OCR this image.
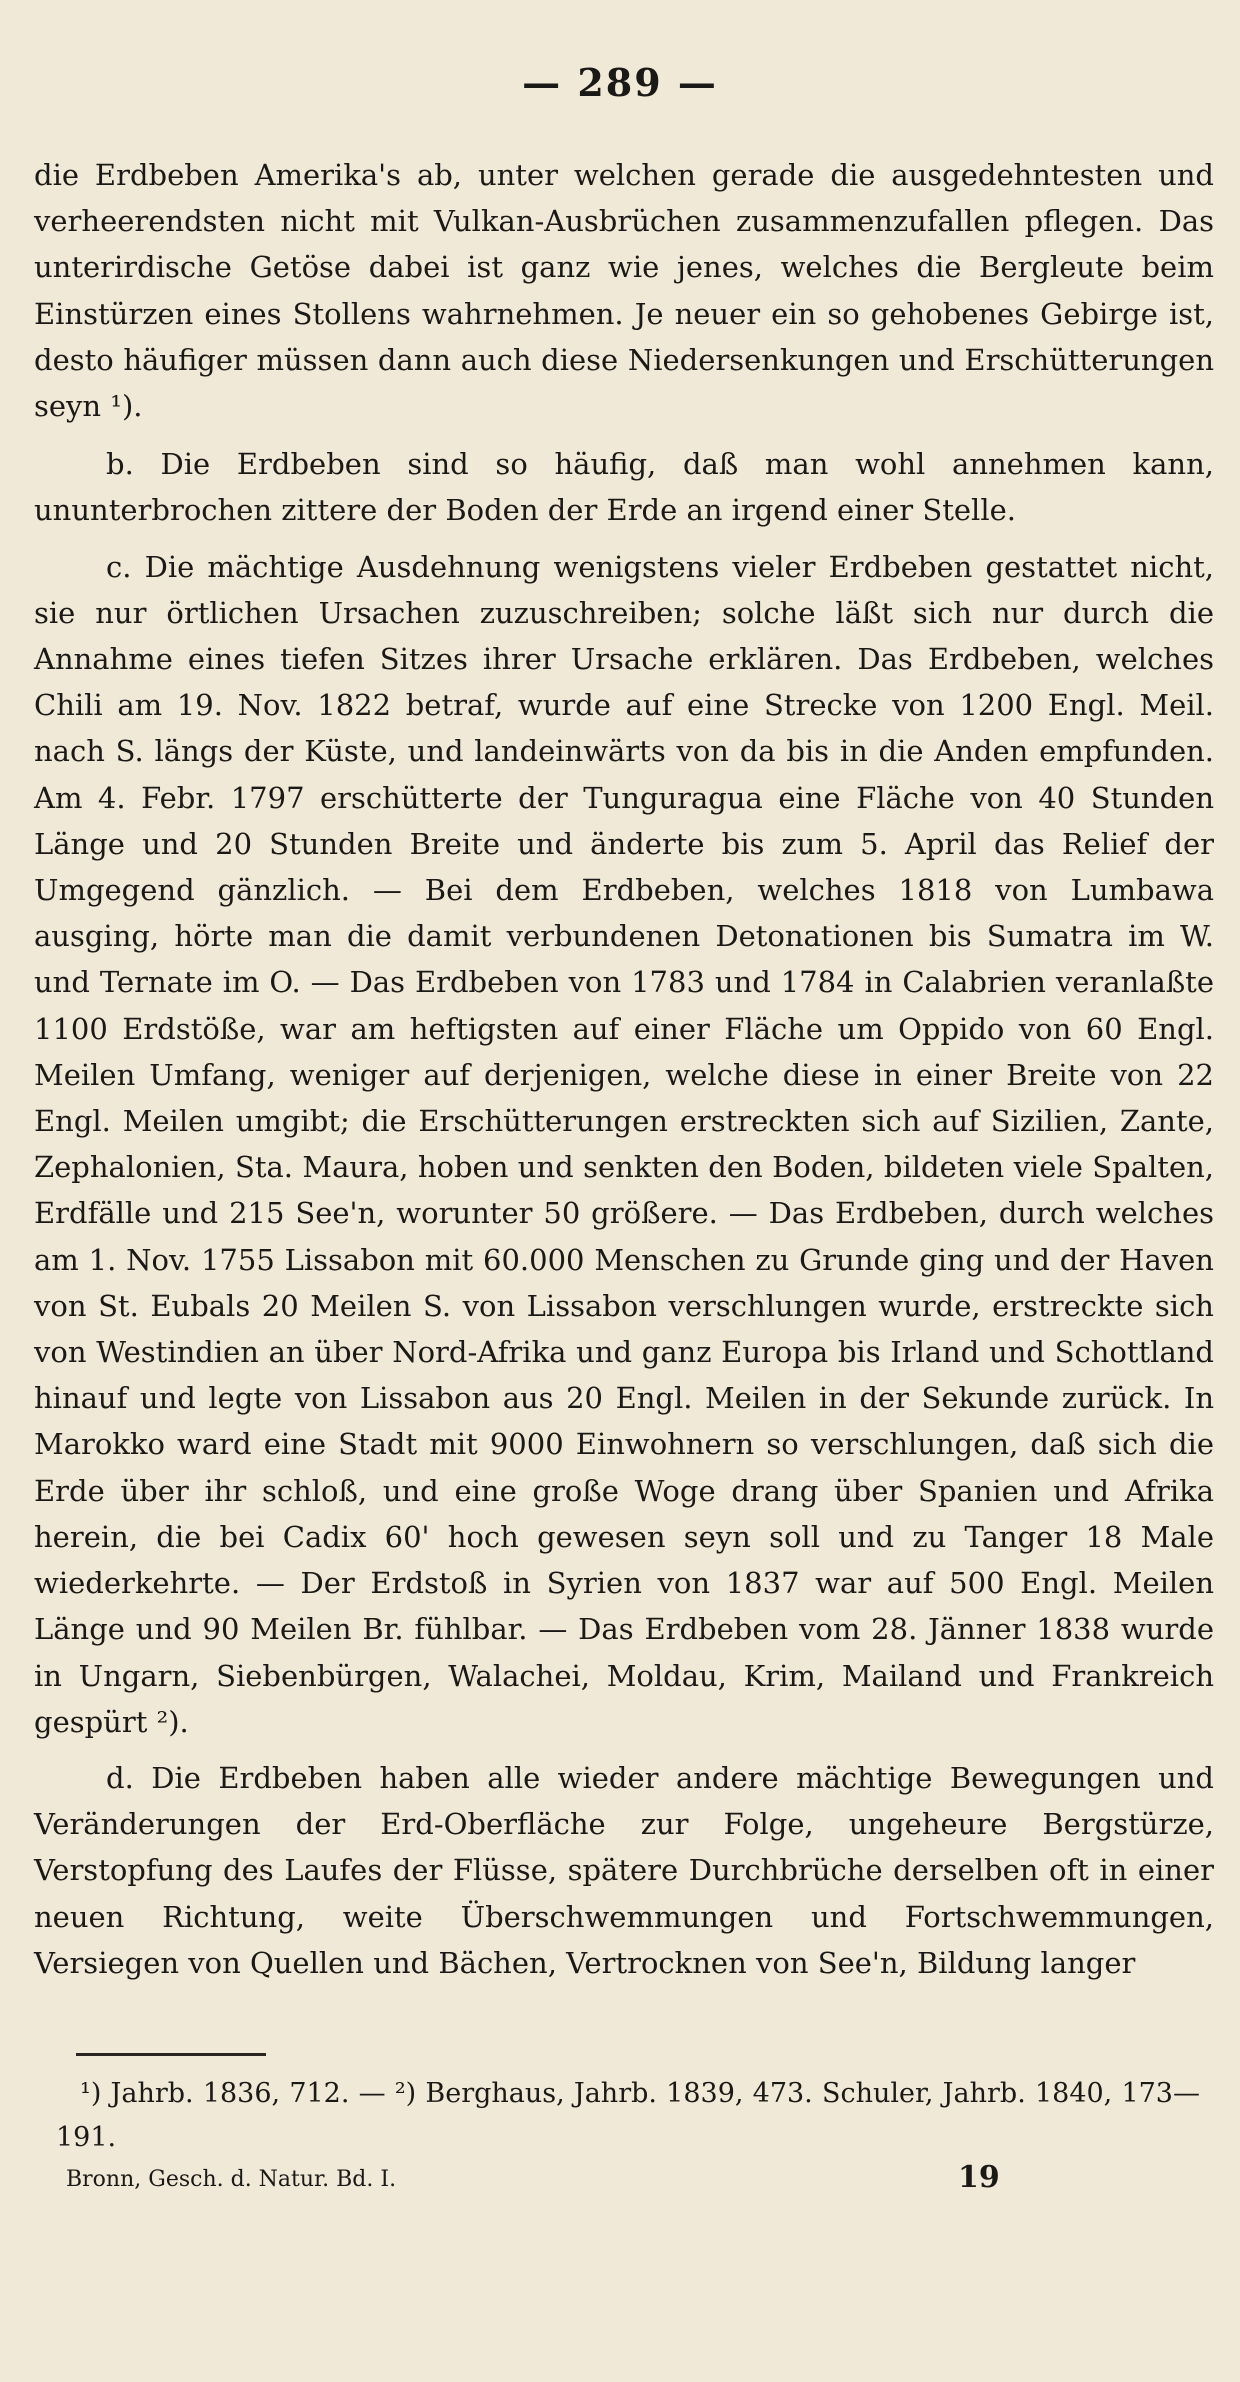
— 289 —

die Erdbeben Amerika's ab, unter welchen gerade die ausgedehntesten und verheerendsten nicht mit Vulkan-Ausbrüchen zusammenzufallen pflegen. Das unterirdische Getöse dabei ist ganz wie jenes, welches die Bergleute beim Einstürzen eines Stollens wahrnehmen. Je neuer ein so gehobenes Gebirge ist, desto häufiger müssen dann auch diese Niedersenkungen und Erschütterungen seyn ¹).

b. Die Erdbeben sind so häufig, daß man wohl annehmen kann, ununterbrochen zittere der Boden der Erde an irgend einer Stelle.

c. Die mächtige Ausdehnung wenigstens vieler Erdbeben gestattet nicht, sie nur örtlichen Ursachen zuzuschreiben; solche läßt sich nur durch die Annahme eines tiefen Sitzes ihrer Ursache erklären. Das Erdbeben, welches Chili am 19. Nov. 1822 betraf, wurde auf eine Strecke von 1200 Engl. Meil. nach S. längs der Küste, und landeinwärts von da bis in die Anden empfunden. Am 4. Febr. 1797 erschütterte der Tunguragua eine Fläche von 40 Stunden Länge und 20 Stunden Breite und änderte bis zum 5. April das Relief der Umgegend gänzlich. — Bei dem Erdbeben, welches 1818 von Lumbawa ausging, hörte man die damit verbundenen Detonationen bis Sumatra im W. und Ternate im O. — Das Erdbeben von 1783 und 1784 in Calabrien veranlaßte 1100 Erdstöße, war am heftigsten auf einer Fläche um Oppido von 60 Engl. Meilen Umfang, weniger auf derjenigen, welche diese in einer Breite von 22 Engl. Meilen umgibt; die Erschütterungen erstreckten sich auf Sizilien, Zante, Zephalonien, Sta. Maura, hoben und senkten den Boden, bildeten viele Spalten, Erdfälle und 215 See'n, worunter 50 größere. — Das Erdbeben, durch welches am 1. Nov. 1755 Lissabon mit 60.000 Menschen zu Grunde ging und der Haven von St. Eubals 20 Meilen S. von Lissabon verschlungen wurde, erstreckte sich von Westindien an über Nord-Afrika und ganz Europa bis Irland und Schottland hinauf und legte von Lissabon aus 20 Engl. Meilen in der Sekunde zurück. In Marokko ward eine Stadt mit 9000 Einwohnern so verschlungen, daß sich die Erde über ihr schloß, und eine große Woge drang über Spanien und Afrika herein, die bei Cadix 60' hoch gewesen seyn soll und zu Tanger 18 Male wiederkehrte. — Der Erdstoß in Syrien von 1837 war auf 500 Engl. Meilen Länge und 90 Meilen Br. fühlbar. — Das Erdbeben vom 28. Jänner 1838 wurde in Ungarn, Siebenbürgen, Walachei, Moldau, Krim, Mailand und Frankreich gespürt ²).

d. Die Erdbeben haben alle wieder andere mächtige Bewegungen und Veränderungen der Erd-Oberfläche zur Folge, ungeheure Bergstürze, Verstopfung des Laufes der Flüsse, spätere Durchbrüche derselben oft in einer neuen Richtung, weite Überschwemmungen und Fortschwemmungen, Versiegen von Quellen und Bächen, Vertrocknen von See'n, Bildung langer

¹) Jahrb. 1836, 712. — ²) Berghaus, Jahrb. 1839, 473. Schuler, Jahrb. 1840, 173—191.
Bronn, Gesch. d. Natur. Bd. I.	19
